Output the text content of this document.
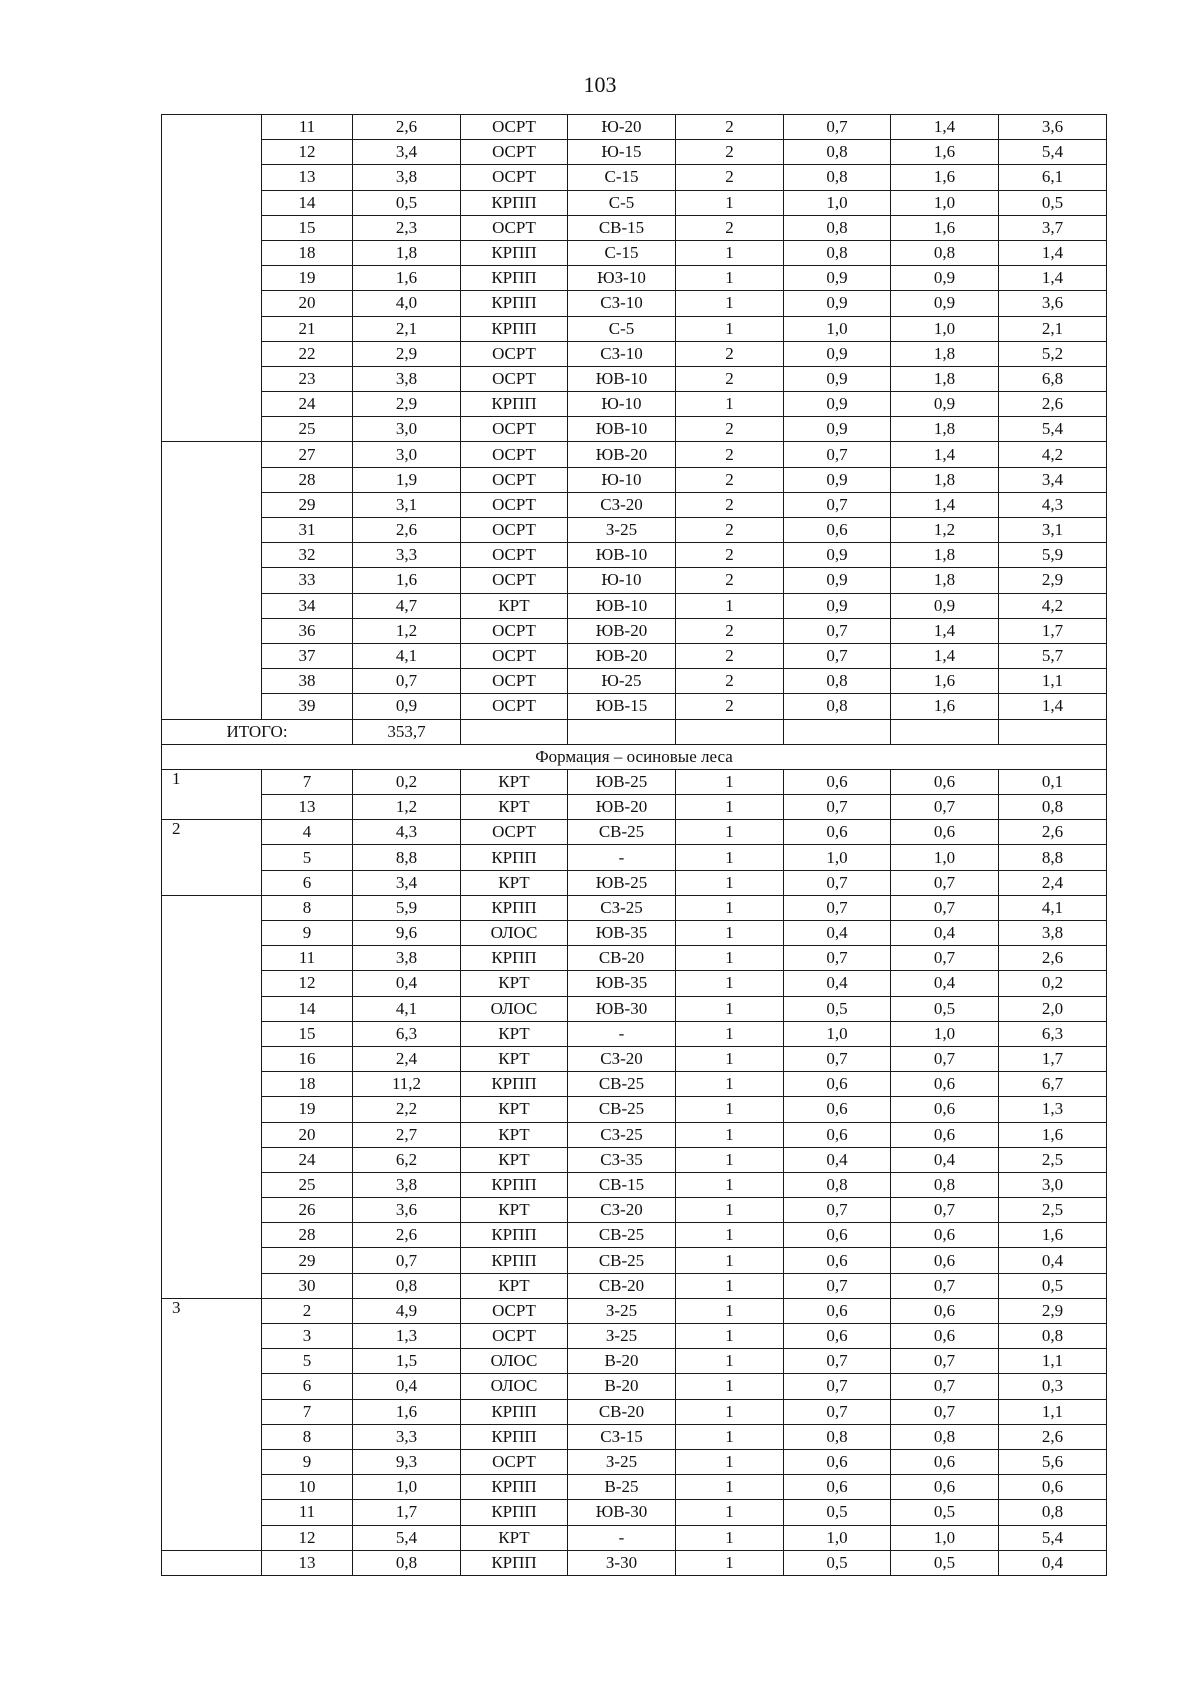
103
	11	2,6	ОСРТ	Ю-20	2	0,7	1,4	3,6
	12	3,4	ОСРТ	Ю-15	2	0,8	1,6	5,4
	13	3,8	ОСРТ	С-15	2	0,8	1,6	6,1
	14	0,5	КРПП	С-5	1	1,0	1,0	0,5
	15	2,3	ОСРТ	СВ-15	2	0,8	1,6	3,7
	18	1,8	КРПП	С-15	1	0,8	0,8	1,4
	19	1,6	КРПП	ЮЗ-10	1	0,9	0,9	1,4
	20	4,0	КРПП	СЗ-10	1	0,9	0,9	3,6
	21	2,1	КРПП	С-5	1	1,0	1,0	2,1
	22	2,9	ОСРТ	СЗ-10	2	0,9	1,8	5,2
	23	3,8	ОСРТ	ЮВ-10	2	0,9	1,8	6,8
	24	2,9	КРПП	Ю-10	1	0,9	0,9	2,6
	25	3,0	ОСРТ	ЮВ-10	2	0,9	1,8	5,4
	27	3,0	ОСРТ	ЮВ-20	2	0,7	1,4	4,2
	28	1,9	ОСРТ	Ю-10	2	0,9	1,8	3,4
	29	3,1	ОСРТ	СЗ-20	2	0,7	1,4	4,3
	31	2,6	ОСРТ	З-25	2	0,6	1,2	3,1
	32	3,3	ОСРТ	ЮВ-10	2	0,9	1,8	5,9
	33	1,6	ОСРТ	Ю-10	2	0,9	1,8	2,9
	34	4,7	КРТ	ЮВ-10	1	0,9	0,9	4,2
	36	1,2	ОСРТ	ЮВ-20	2	0,7	1,4	1,7
	37	4,1	ОСРТ	ЮВ-20	2	0,7	1,4	5,7
	38	0,7	ОСРТ	Ю-25	2	0,8	1,6	1,1
	39	0,9	ОСРТ	ЮВ-15	2	0,8	1,6	1,4
ИТОГО:		353,7						
Формация – осиновые леса								
1	7	0,2	КРТ	ЮВ-25	1	0,6	0,6	0,1
	13	1,2	КРТ	ЮВ-20	1	0,7	0,7	0,8
2	4	4,3	ОСРТ	СВ-25	1	0,6	0,6	2,6
	5	8,8	КРПП	-	1	1,0	1,0	8,8
	6	3,4	КРТ	ЮВ-25	1	0,7	0,7	2,4
	8	5,9	КРПП	СЗ-25	1	0,7	0,7	4,1
	9	9,6	ОЛОС	ЮВ-35	1	0,4	0,4	3,8
	11	3,8	КРПП	СВ-20	1	0,7	0,7	2,6
	12	0,4	КРТ	ЮВ-35	1	0,4	0,4	0,2
	14	4,1	ОЛОС	ЮВ-30	1	0,5	0,5	2,0
	15	6,3	КРТ	-	1	1,0	1,0	6,3
	16	2,4	КРТ	СЗ-20	1	0,7	0,7	1,7
	18	11,2	КРПП	СВ-25	1	0,6	0,6	6,7
	19	2,2	КРТ	СВ-25	1	0,6	0,6	1,3
	20	2,7	КРТ	СЗ-25	1	0,6	0,6	1,6
	24	6,2	КРТ	СЗ-35	1	0,4	0,4	2,5
	25	3,8	КРПП	СВ-15	1	0,8	0,8	3,0
	26	3,6	КРТ	СЗ-20	1	0,7	0,7	2,5
	28	2,6	КРПП	СВ-25	1	0,6	0,6	1,6
	29	0,7	КРПП	СВ-25	1	0,6	0,6	0,4
	30	0,8	КРТ	СВ-20	1	0,7	0,7	0,5
3	2	4,9	ОСРТ	З-25	1	0,6	0,6	2,9
	3	1,3	ОСРТ	З-25	1	0,6	0,6	0,8
	5	1,5	ОЛОС	В-20	1	0,7	0,7	1,1
	6	0,4	ОЛОС	В-20	1	0,7	0,7	0,3
	7	1,6	КРПП	СВ-20	1	0,7	0,7	1,1
	8	3,3	КРПП	СЗ-15	1	0,8	0,8	2,6
	9	9,3	ОСРТ	З-25	1	0,6	0,6	5,6
	10	1,0	КРПП	В-25	1	0,6	0,6	0,6
	11	1,7	КРПП	ЮВ-30	1	0,5	0,5	0,8
	12	5,4	КРТ	-	1	1,0	1,0	5,4
	13	0,8	КРПП	З-30	1	0,5	0,5	0,4
